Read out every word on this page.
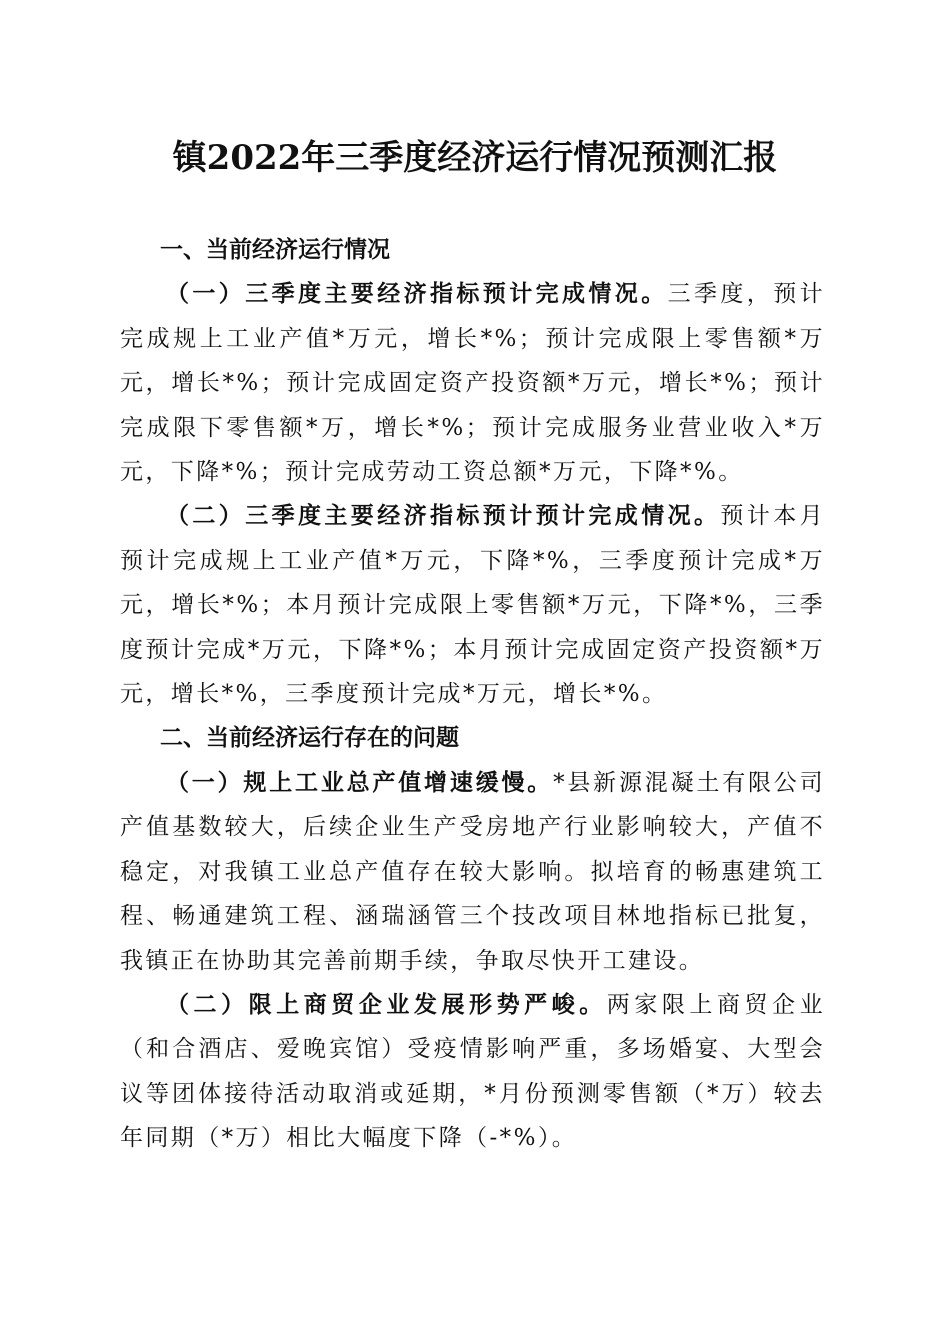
镇2022年三季度经济运行情况预测汇报

一、当前经济运行情况

（一）三季度主要经济指标预计完成情况。三季度，预计完成规上工业产值*万元，增长*%；预计完成限上零售额*万元，增长*%；预计完成固定资产投资额*万元，增长*%；预计完成限下零售额*万，增长*%；预计完成服务业营业收入*万元，下降*%；预计完成劳动工资总额*万元，下降*%。

（二）三季度主要经济指标预计预计完成情况。预计本月预计完成规上工业产值*万元，下降*%，三季度预计完成*万元，增长*%；本月预计完成限上零售额*万元，下降*%，三季度预计完成*万元，下降*%；本月预计完成固定资产投资额*万元，增长*%，三季度预计完成*万元，增长*%。

二、当前经济运行存在的问题

（一）规上工业总产值增速缓慢。*县新源混凝土有限公司产值基数较大，后续企业生产受房地产行业影响较大，产值不稳定，对我镇工业总产值存在较大影响。拟培育的畅惠建筑工程、畅通建筑工程、涵瑞涵管三个技改项目林地指标已批复，我镇正在协助其完善前期手续，争取尽快开工建设。

（二）限上商贸企业发展形势严峻。两家限上商贸企业（和合酒店、爱晚宾馆）受疫情影响严重，多场婚宴、大型会议等团体接待活动取消或延期，*月份预测零售额（*万）较去年同期（*万）相比大幅度下降（-*%）。
